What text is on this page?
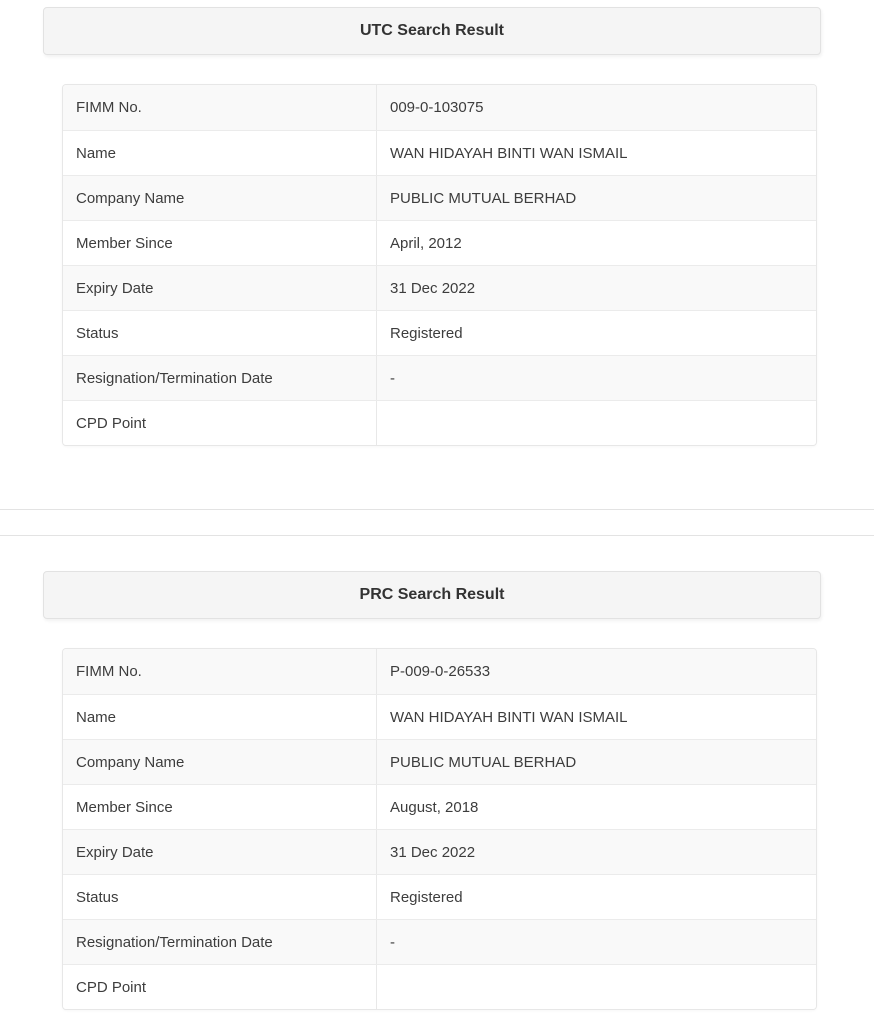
UTC Search Result
FIMM No.	009-0-103075
Name	WAN HIDAYAH BINTI WAN ISMAIL
Company Name	PUBLIC MUTUAL BERHAD
Member Since	April, 2012
Expiry Date	31 Dec 2022
Status	Registered
Resignation/Termination Date	-
CPD Point
PRC Search Result
FIMM No.	P-009-0-26533
Name	WAN HIDAYAH BINTI WAN ISMAIL
Company Name	PUBLIC MUTUAL BERHAD
Member Since	August, 2018
Expiry Date	31 Dec 2022
Status	Registered
Resignation/Termination Date	-
CPD Point
